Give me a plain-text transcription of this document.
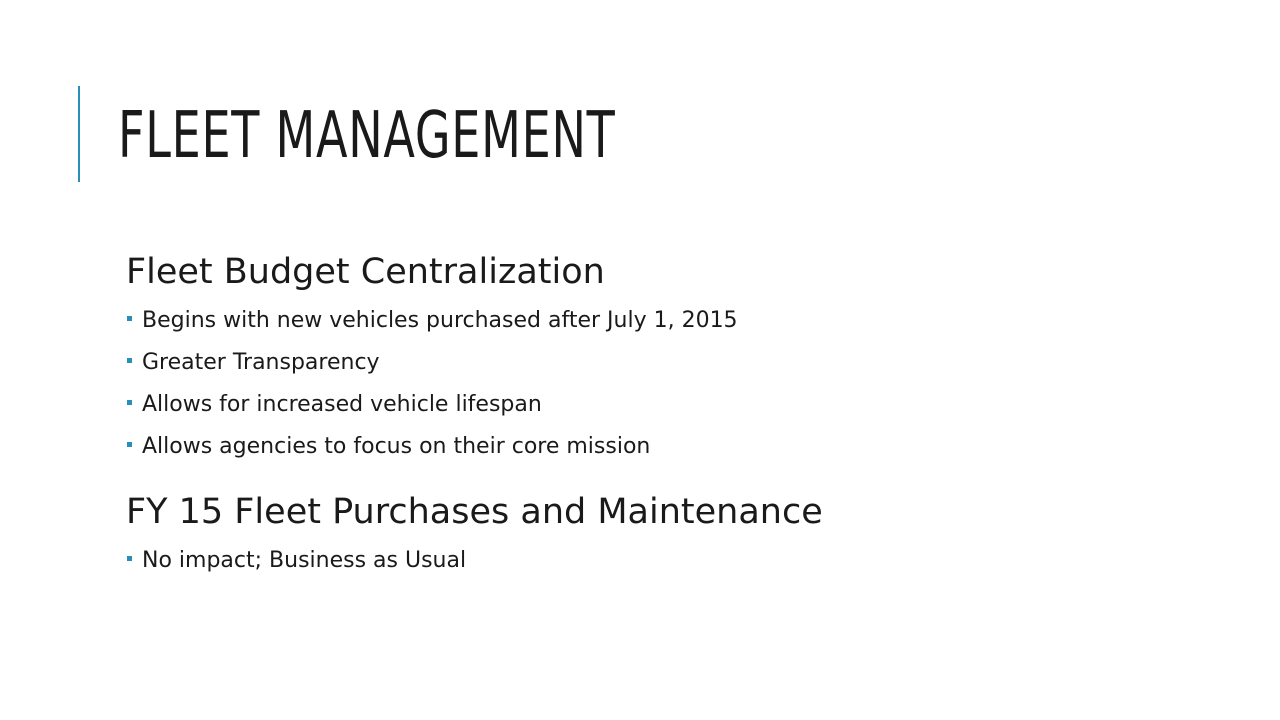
FLEET MANAGEMENT
Fleet Budget Centralization
Begins with new vehicles purchased after July 1, 2015
Greater Transparency
Allows for increased vehicle lifespan
Allows agencies to focus on their core mission
FY 15 Fleet Purchases and Maintenance
No impact; Business as Usual
